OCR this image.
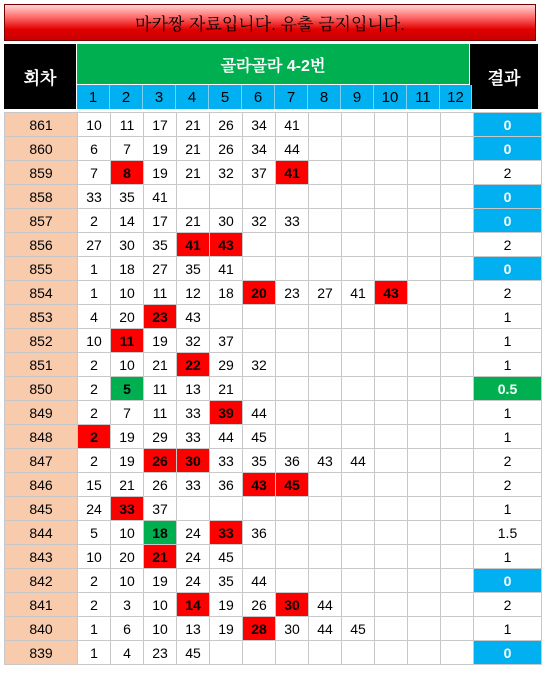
마카짱 자료입니다. 유출 금지입니다.
회차
골라골라 4-2번
결과
1	2	3	4	5	6	7	8	9	10	11	12
861	10	11	17	21	26	34	41						0
860	6	7	19	21	26	34	44						0
859	7	8	19	21	32	37	41						2
858	33	35	41										0
857	2	14	17	21	30	32	33						0
856	27	30	35	41	43								2
855	1	18	27	35	41								0
854	1	10	11	12	18	20	23	27	41	43			2
853	4	20	23	43									1
852	10	11	19	32	37								1
851	2	10	21	22	29	32							1
850	2	5	11	13	21								0.5
849	2	7	11	33	39	44							1
848	2	19	29	33	44	45							1
847	2	19	26	30	33	35	36	43	44				2
846	15	21	26	33	36	43	45						2
845	24	33	37										1
844	5	10	18	24	33	36							1.5
843	10	20	21	24	45								1
842	2	10	19	24	35	44							0
841	2	3	10	14	19	26	30	44					2
840	1	6	10	13	19	28	30	44	45				1
839	1	4	23	45									0
